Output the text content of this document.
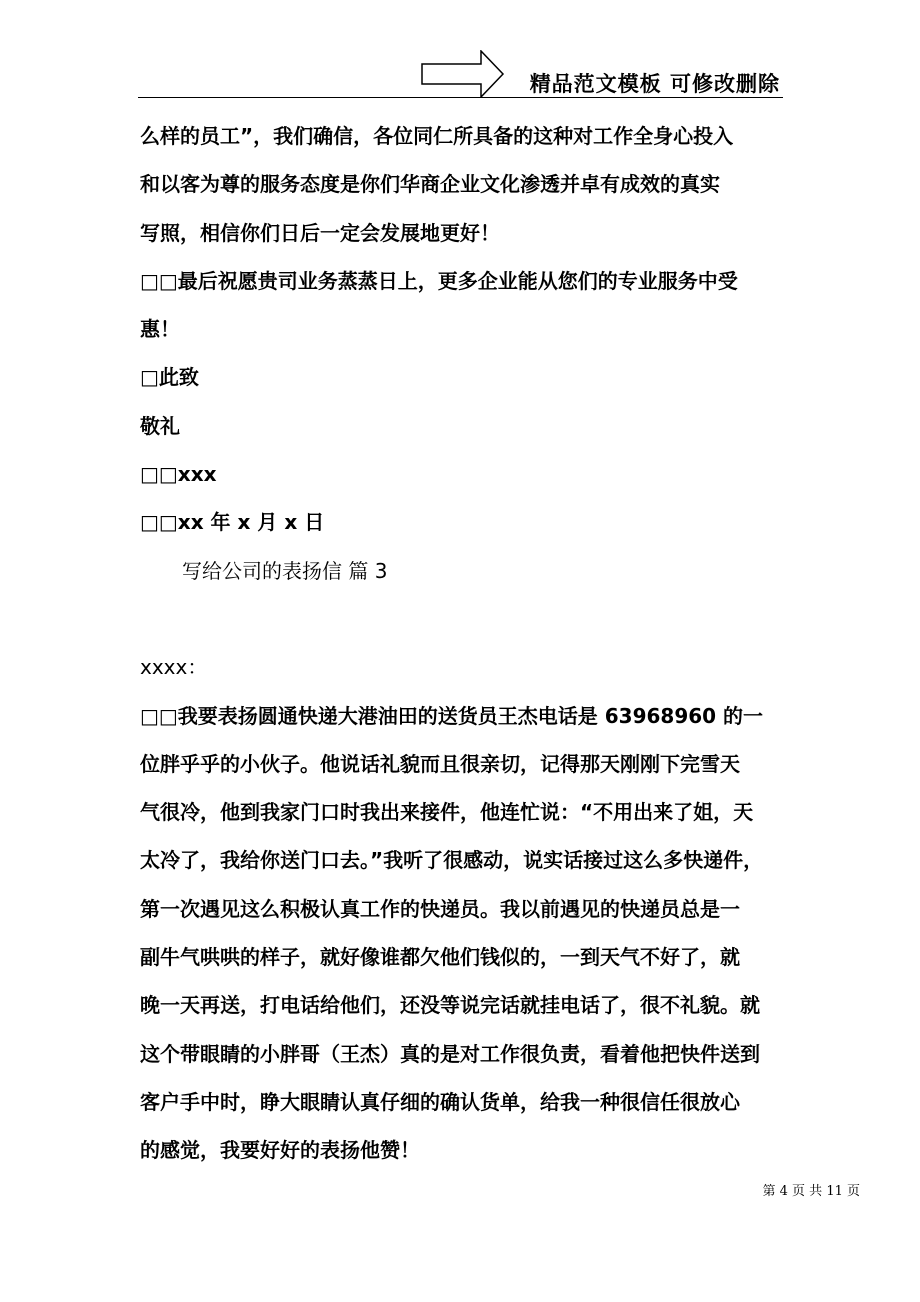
精品范文模板 可修改删除
么样的员工”，我们确信，各位同仁所具备的这种对工作全身心投入
和以客为尊的服务态度是你们华商企业文化渗透并卓有成效的真实
写照，相信你们日后一定会发展地更好！
□□最后祝愿贵司业务蒸蒸日上，更多企业能从您们的专业服务中受
惠！
□此致
敬礼
□□xxx
□□xx 年 x 月 x 日
写给公司的表扬信 篇 3
xxxx：
□□我要表扬圆通快递大港油田的送货员王杰电话是 63968960 的一
位胖乎乎的小伙子。他说话礼貌而且很亲切，记得那天刚刚下完雪天
气很冷，他到我家门口时我出来接件，他连忙说：“不用出来了姐，天
太冷了，我给你送门口去。”我听了很感动，说实话接过这么多快递件，
第一次遇见这么积极认真工作的快递员。我以前遇见的快递员总是一
副牛气哄哄的样子，就好像谁都欠他们钱似的，一到天气不好了，就
晚一天再送，打电话给他们，还没等说完话就挂电话了，很不礼貌。就
这个带眼睛的小胖哥（王杰）真的是对工作很负责，看着他把快件送到
客户手中时，睁大眼睛认真仔细的确认货单，给我一种很信任很放心
的感觉，我要好好的表扬他赞！
第 4 页 共 11 页
